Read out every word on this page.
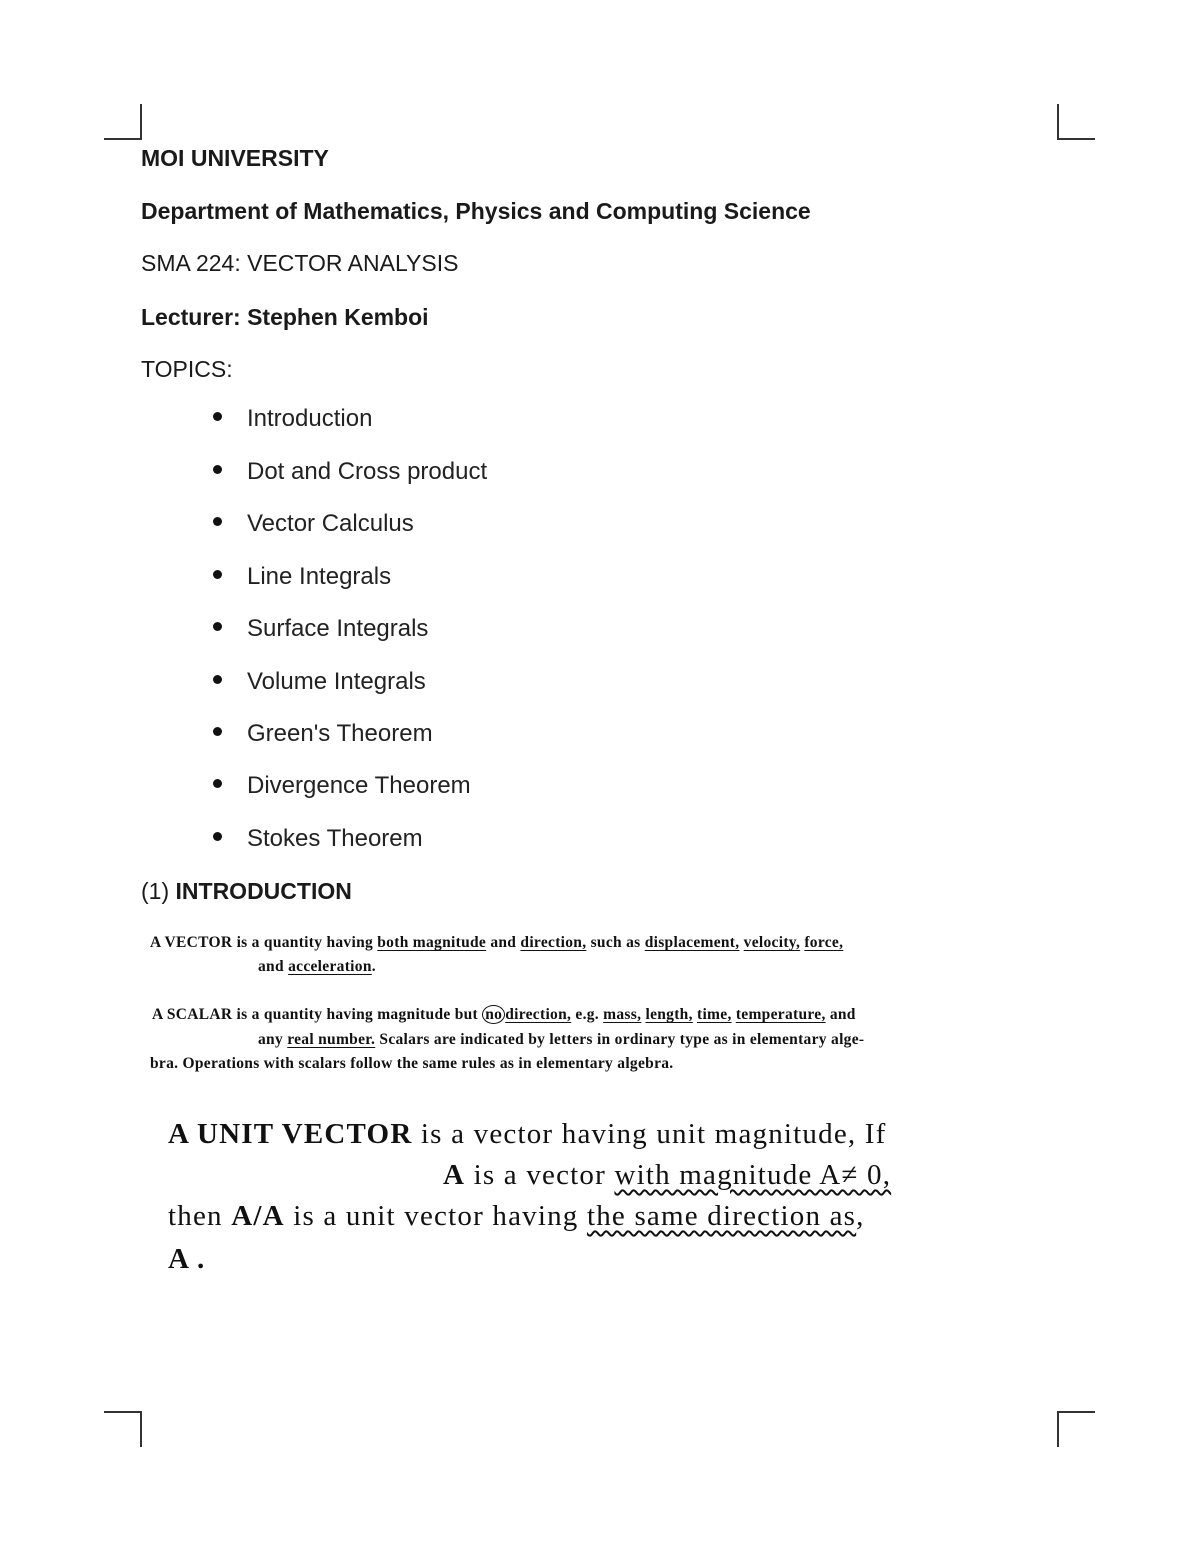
MOI UNIVERSITY

Department of Mathematics, Physics and Computing Science

SMA 224: VECTOR ANALYSIS

Lecturer: Stephen Kemboi

TOPICS:

Introduction
Dot and Cross product
Vector Calculus
Line Integrals
Surface Integrals
Volume Integrals
Green's Theorem
Divergence Theorem
Stokes Theorem

(1) INTRODUCTION

A VECTOR is a quantity having both magnitude and direction, such as displacement, velocity, force,
and acceleration.
A SCALAR is a quantity having magnitude but no direction, e.g. mass, length, time, temperature, and
any real number. Scalars are indicated by letters in ordinary type as in elementary alge-
bra. Operations with scalars follow the same rules as in elementary algebra.
A UNIT VECTOR is a vector having unit magnitude, If
A is a vector with magnitude A≠ 0,
then A/A is a unit vector having the same direction as,
A .
